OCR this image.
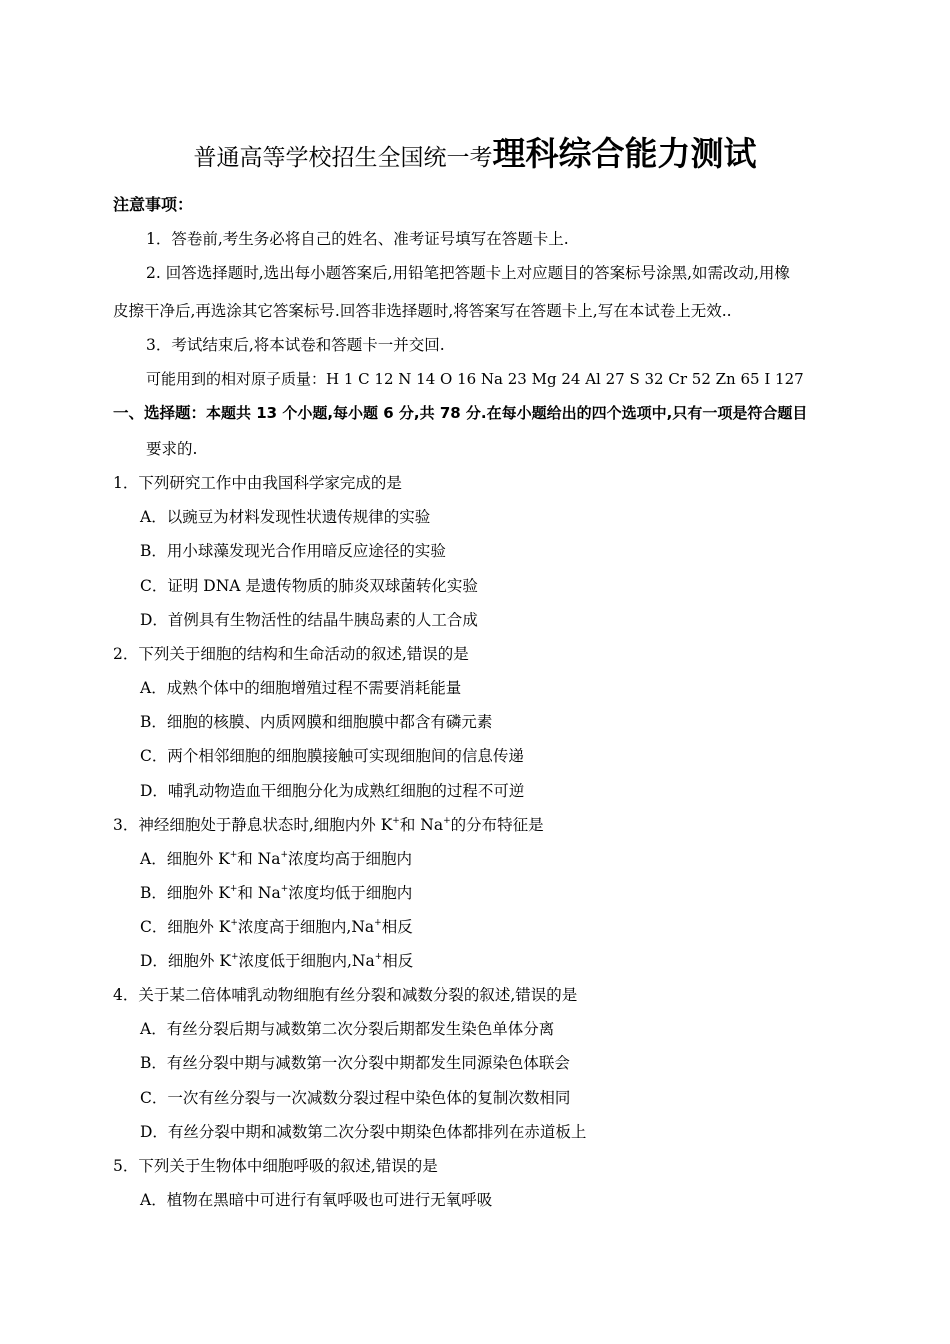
普通高等学校招生全国统一考理科综合能力测试
注意事项：
1．答卷前,考生务必将自己的姓名、准考证号填写在答题卡上.
2. 回答选择题时,选出每小题答案后,用铅笔把答题卡上对应题目的答案标号涂黑,如需改动,用橡
皮擦干净后,再选涂其它答案标号.回答非选择题时,将答案写在答题卡上,写在本试卷上无效..
3．考试结束后,将本试卷和答题卡一并交回.
可能用到的相对原子质量：H 1 C 12 N 14 O 16 Na 23 Mg 24 Al 27 S 32 Cr 52 Zn 65 I 127
一、选择题：本题共 13 个小题,每小题 6 分,共 78 分.在每小题给出的四个选项中,只有一项是符合题目
要求的.
1．下列研究工作中由我国科学家完成的是
A．以豌豆为材料发现性状遗传规律的实验
B．用小球藻发现光合作用暗反应途径的实验
C．证明 DNA 是遗传物质的肺炎双球菌转化实验
D．首例具有生物活性的结晶牛胰岛素的人工合成
2．下列关于细胞的结构和生命活动的叙述,错误的是
A．成熟个体中的细胞增殖过程不需要消耗能量
B．细胞的核膜、内质网膜和细胞膜中都含有磷元素
C．两个相邻细胞的细胞膜接触可实现细胞间的信息传递
D．哺乳动物造血干细胞分化为成熟红细胞的过程不可逆
3．神经细胞处于静息状态时,细胞内外 K+和 Na+的分布特征是
A．细胞外 K+和 Na+浓度均高于细胞内
B．细胞外 K+和 Na+浓度均低于细胞内
C．细胞外 K+浓度高于细胞内,Na+相反
D．细胞外 K+浓度低于细胞内,Na+相反
4．关于某二倍体哺乳动物细胞有丝分裂和减数分裂的叙述,错误的是
A．有丝分裂后期与减数第二次分裂后期都发生染色单体分离
B．有丝分裂中期与减数第一次分裂中期都发生同源染色体联会
C．一次有丝分裂与一次减数分裂过程中染色体的复制次数相同
D．有丝分裂中期和减数第二次分裂中期染色体都排列在赤道板上
5．下列关于生物体中细胞呼吸的叙述,错误的是
A．植物在黑暗中可进行有氧呼吸也可进行无氧呼吸
